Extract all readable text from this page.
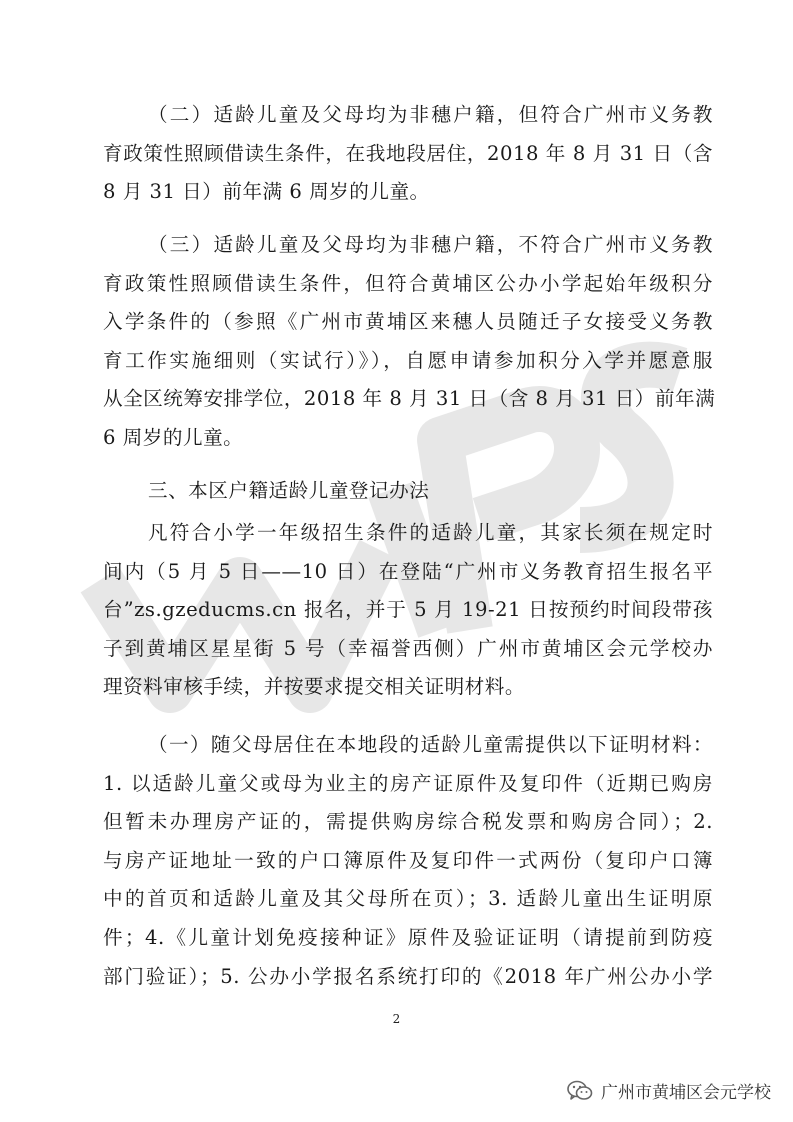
（二）适龄儿童及父母均为非穗户籍，但符合广州市义务教
育政策性照顾借读生条件，在我地段居住，2018 年 8 月 31 日（含
8 月 31 日）前年满 6 周岁的儿童。
（三）适龄儿童及父母均为非穗户籍，不符合广州市义务教
育政策性照顾借读生条件，但符合黄埔区公办小学起始年级积分
入学条件的（参照《广州市黄埔区来穗人员随迁子女接受义务教
育工作实施细则（实试行）》），自愿申请参加积分入学并愿意服
从全区统筹安排学位，2018 年 8 月 31 日（含 8 月 31 日）前年满
6 周岁的儿童。
三、本区户籍适龄儿童登记办法
凡符合小学一年级招生条件的适龄儿童，其家长须在规定时
间内（5 月 5 日——10 日）在登陆“广州市义务教育招生报名平
台”zs.gzeducms.cn 报名，并于 5 月 19-21 日按预约时间段带孩
子到黄埔区星星街 5 号（幸福誉西侧）广州市黄埔区会元学校办
理资料审核手续，并按要求提交相关证明材料。
（一）随父母居住在本地段的适龄儿童需提供以下证明材料：
1. 以适龄儿童父或母为业主的房产证原件及复印件（近期已购房
但暂未办理房产证的，需提供购房综合税发票和购房合同）；2.
与房产证地址一致的户口簿原件及复印件一式两份（复印户口簿
中的首页和适龄儿童及其父母所在页）；3. 适龄儿童出生证明原
件；4.《儿童计划免疫接种证》原件及验证证明（请提前到防疫
部门验证）；5. 公办小学报名系统打印的《2018 年广州公办小学
2
广州市黄埔区会元学校
